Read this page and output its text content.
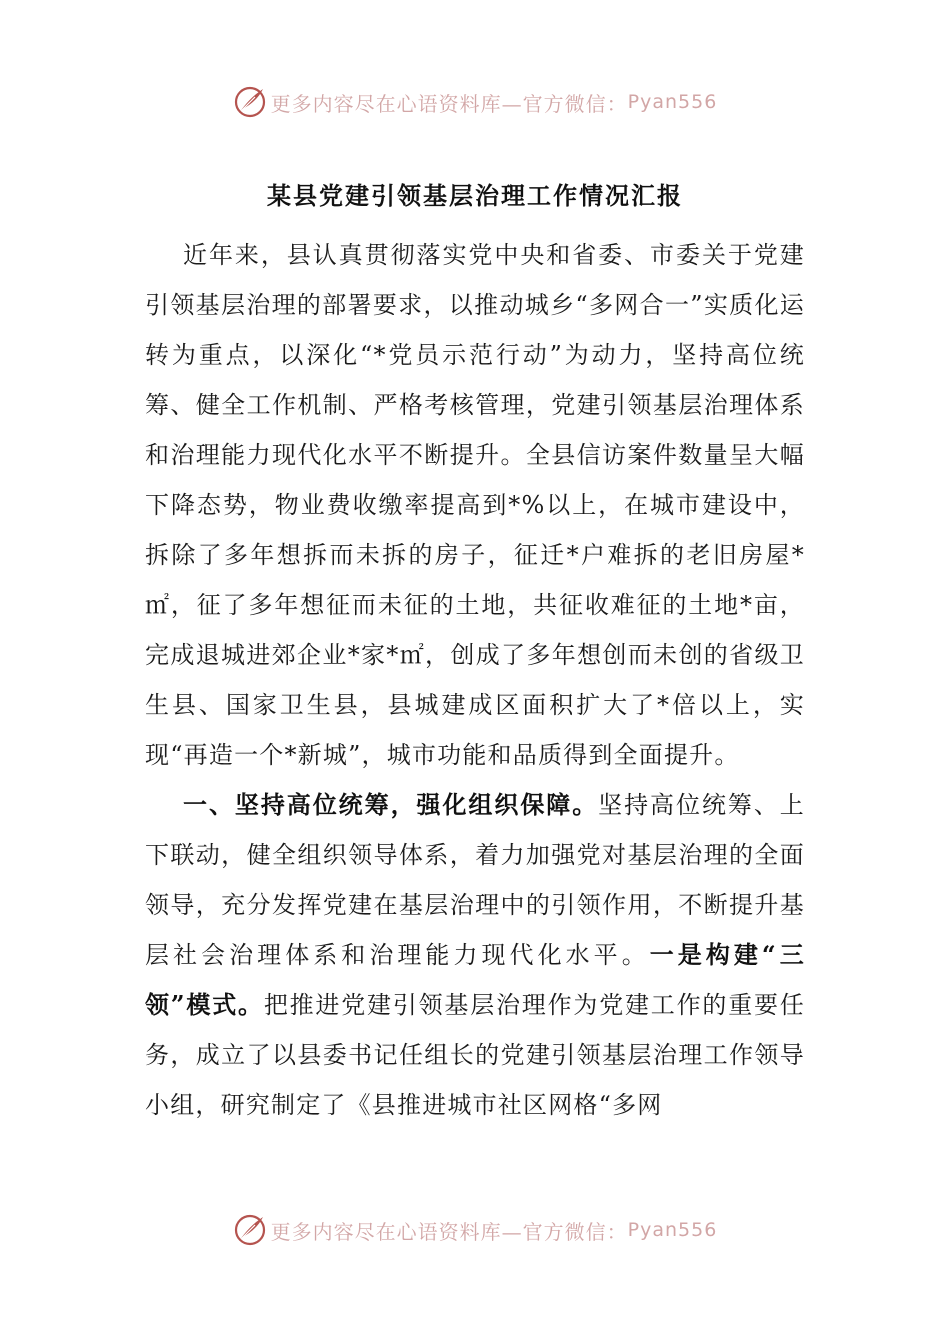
更多内容尽在心语资料库—官方微信： Pyan556
某县党建引领基层治理工作情况汇报

近年来，县认真贯彻落实党中央和省委、市委关于党建引领基层治理的部署要求，以推动城乡“多网合一”实质化运转为重点，以深化“*党员示范行动”为动力，坚持高位统筹、健全工作机制、严格考核管理，党建引领基层治理体系和治理能力现代化水平不断提升。全县信访案件数量呈大幅下降态势，物业费收缴率提高到*%以上，在城市建设中，拆除了多年想拆而未拆的房子，征迁*户难拆的老旧房屋*㎡，征了多年想征而未征的土地，共征收难征的土地*亩，完成退城进郊企业*家*㎡，创成了多年想创而未创的省级卫生县、国家卫生县，县城建成区面积扩大了*倍以上，实现“再造一个*新城”，城市功能和品质得到全面提升。

一、坚持高位统筹，强化组织保障。坚持高位统筹、上下联动，健全组织领导体系，着力加强党对基层治理的全面领导，充分发挥党建在基层治理中的引领作用，不断提升基层社会治理体系和治理能力现代化水平。一是构建“三领”模式。把推进党建引领基层治理作为党建工作的重要任务，成立了以县委书记任组长的党建引领基层治理工作领导小组，研究制定了《县推进城市社区网格“多网

更多内容尽在心语资料库—官方微信： Pyan556
